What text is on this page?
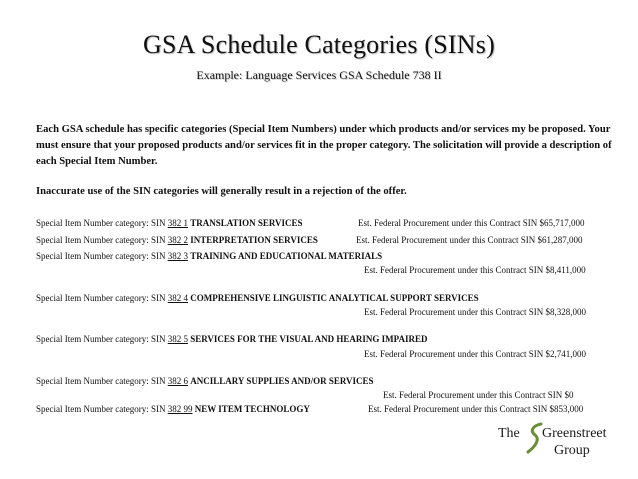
GSA Schedule Categories (SINs)
Example: Language Services GSA Schedule 738 II
Each GSA schedule has specific categories (Special Item Numbers) under which products and/or services my be proposed. Your must ensure that your proposed products and/or services fit in the proper category. The solicitation will provide a description of each Special Item Number.
Inaccurate use of the SIN categories will generally result in a rejection of the offer.
Special Item Number category: SIN 382 1 TRANSLATION SERVICES	Est. Federal Procurement under this Contract SIN $65,717,000
Special Item Number category: SIN 382 2 INTERPRETATION SERVICES	Est. Federal Procurement under this Contract SIN $61,287,000
Special Item Number category: SIN 382 3 TRAINING AND EDUCATIONAL MATERIALS
Est. Federal Procurement under this Contract SIN $8,411,000
Special Item Number category: SIN 382 4 COMPREHENSIVE LINGUISTIC ANALYTICAL SUPPORT SERVICES
Est. Federal Procurement under this Contract SIN $8,328,000
Special Item Number category: SIN 382 5 SERVICES FOR THE VISUAL AND HEARING IMPAIRED
Est. Federal Procurement under this Contract SIN $2,741,000
Special Item Number category: SIN 382 6 ANCILLARY SUPPLIES AND/OR SERVICES
Est. Federal Procurement under this Contract SIN $0
Special Item Number category: SIN 382 99 NEW ITEM TECHNOLOGY	Est. Federal Procurement under this Contract SIN $853,000
The Greenstreet
Group
